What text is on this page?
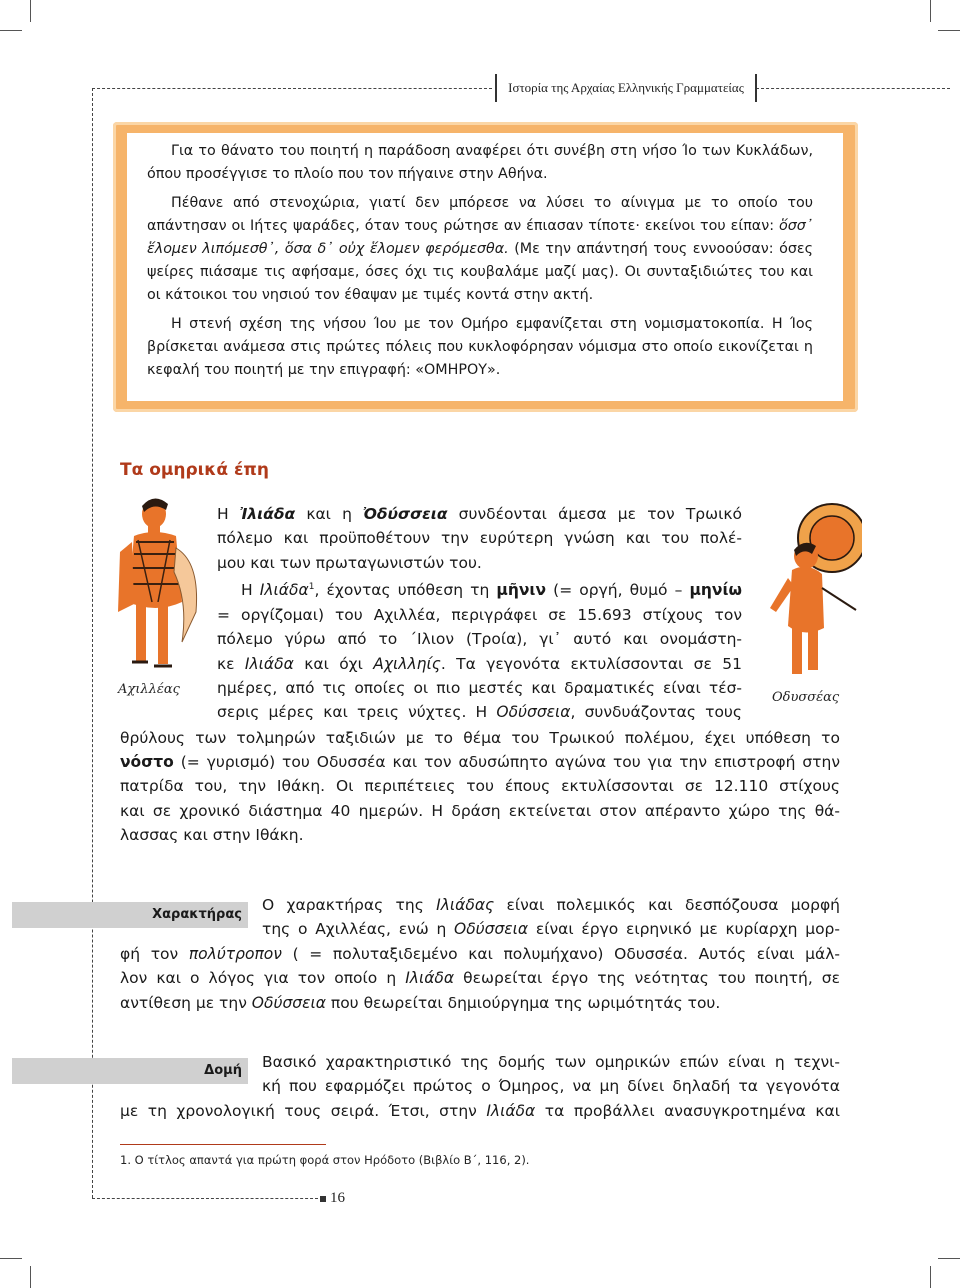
Ιστορία της Αρχαίας Ελληνικής Γραμματείας

Για το θάνατο του ποιητή η παράδοση αναφέρει ότι συνέβη στη νήσο Ίο των Κυκλάδων, όπου προσέγγισε το πλοίο που τον πήγαινε στην Αθήνα.

Πέθανε από στενοχώρια, γιατί δεν μπόρεσε να λύσει το αίνιγμα με το οποίο του απάντησαν οι Ιήτες ψαράδες, όταν τους ρώτησε αν έπιασαν τίποτε· εκείνοι του είπαν: ὅσσ᾿ ἕλομεν λιπόμεσθ᾿, ὅσα δ᾿ οὐχ ἕλομεν φερόμεσθα. (Με την απάντησή τους εννοούσαν: όσες ψείρες πιάσαμε τις αφήσαμε, όσες όχι τις κουβαλάμε μαζί μας). Οι συνταξιδιώτες του και οι κάτοικοι του νησιού τον έθαψαν με τιμές κοντά στην ακτή.

Η στενή σχέση της νήσου Ίου με τον Ομήρο εμφανίζεται στη νομισματοκοπία. Η Ίος βρίσκεται ανάμεσα στις πρώτες πόλεις που κυκλοφόρησαν νόμισμα στο οποίο εικονίζεται η κεφαλή του ποιητή με την επιγραφή: «ΟΜΗΡΟΥ».

Τα ομηρικά έπη
Αχιλλέας
Οδυσσέας
Η Ἰλιάδα και η Ὀδύσσεια συνδέονται άμεσα με τον Τρωικό
πόλεμο και προϋποθέτουν την ευρύτερη γνώση και του πολέ-
μου και των πρωταγωνιστών του.
Η Ιλιάδα$^1$, έχοντας υπόθεση τη μῆνιν (= οργή, θυμό – μηνίω
= οργίζομαι) του Αχιλλέα, περιγράφει σε 15.693 στίχους τον
πόλεμο γύρω από το ΄Ιλιον (Τροία), γι᾿ αυτό και ονομάστη-
κε Ιλιάδα και όχι Αχιλληίς. Τα γεγονότα εκτυλίσσονται σε 51
ημέρες, από τις οποίες οι πιο μεστές και δραματικές είναι τέσ-
σερις μέρες και τρεις νύχτες. Η Οδύσσεια, συνδυάζοντας τους
θρύλους των τολμηρών ταξιδιών με το θέμα του Τρωικού πολέμου, έχει υπόθεση το
νόστο (= γυρισμό) του Οδυσσέα και τον αδυσώπητο αγώνα του για την επιστροφή στην
πατρίδα του, την Ιθάκη. Οι περιπέτειες του έπους εκτυλίσσονται σε 12.110 στίχους
και σε χρονικό διάστημα 40 ημερών. Η δράση εκτείνεται στον απέραντο χώρο της θά-
λασσας και στην Ιθάκη.
Χαρακτήρας
Ο χαρακτήρας της Ιλιάδας είναι πολεμικός και δεσπόζουσα μορφή
της ο Αχιλλέας, ενώ η Οδύσσεια είναι έργο ειρηνικό με κυρίαρχη μορ-
φή τον πολύτροπον ( = πολυταξιδεμένο και πολυμήχανο) Οδυσσέα. Αυτός είναι μάλ-
λον και ο λόγος για τον οποίο η Ιλιάδα θεωρείται έργο της νεότητας του ποιητή, σε
αντίθεση με την Οδύσσεια που θεωρείται δημιούργημα της ωριμότητάς του.
Δομή	Βασικό χαρακτηριστικό της δομής των ομηρικών επών είναι η τεχνι-
κή που εφαρμόζει πρώτος ο Όμηρος, να μη δίνει δηλαδή τα γεγονότα
με τη χρονολογική τους σειρά. Έτσι, στην Ιλιάδα τα προβάλλει ανασυγκροτημένα και
1. Ο τίτλος απαντά για πρώτη φορά στον Ηρόδοτο (Βιβλίο Β΄, 116, 2).
16
